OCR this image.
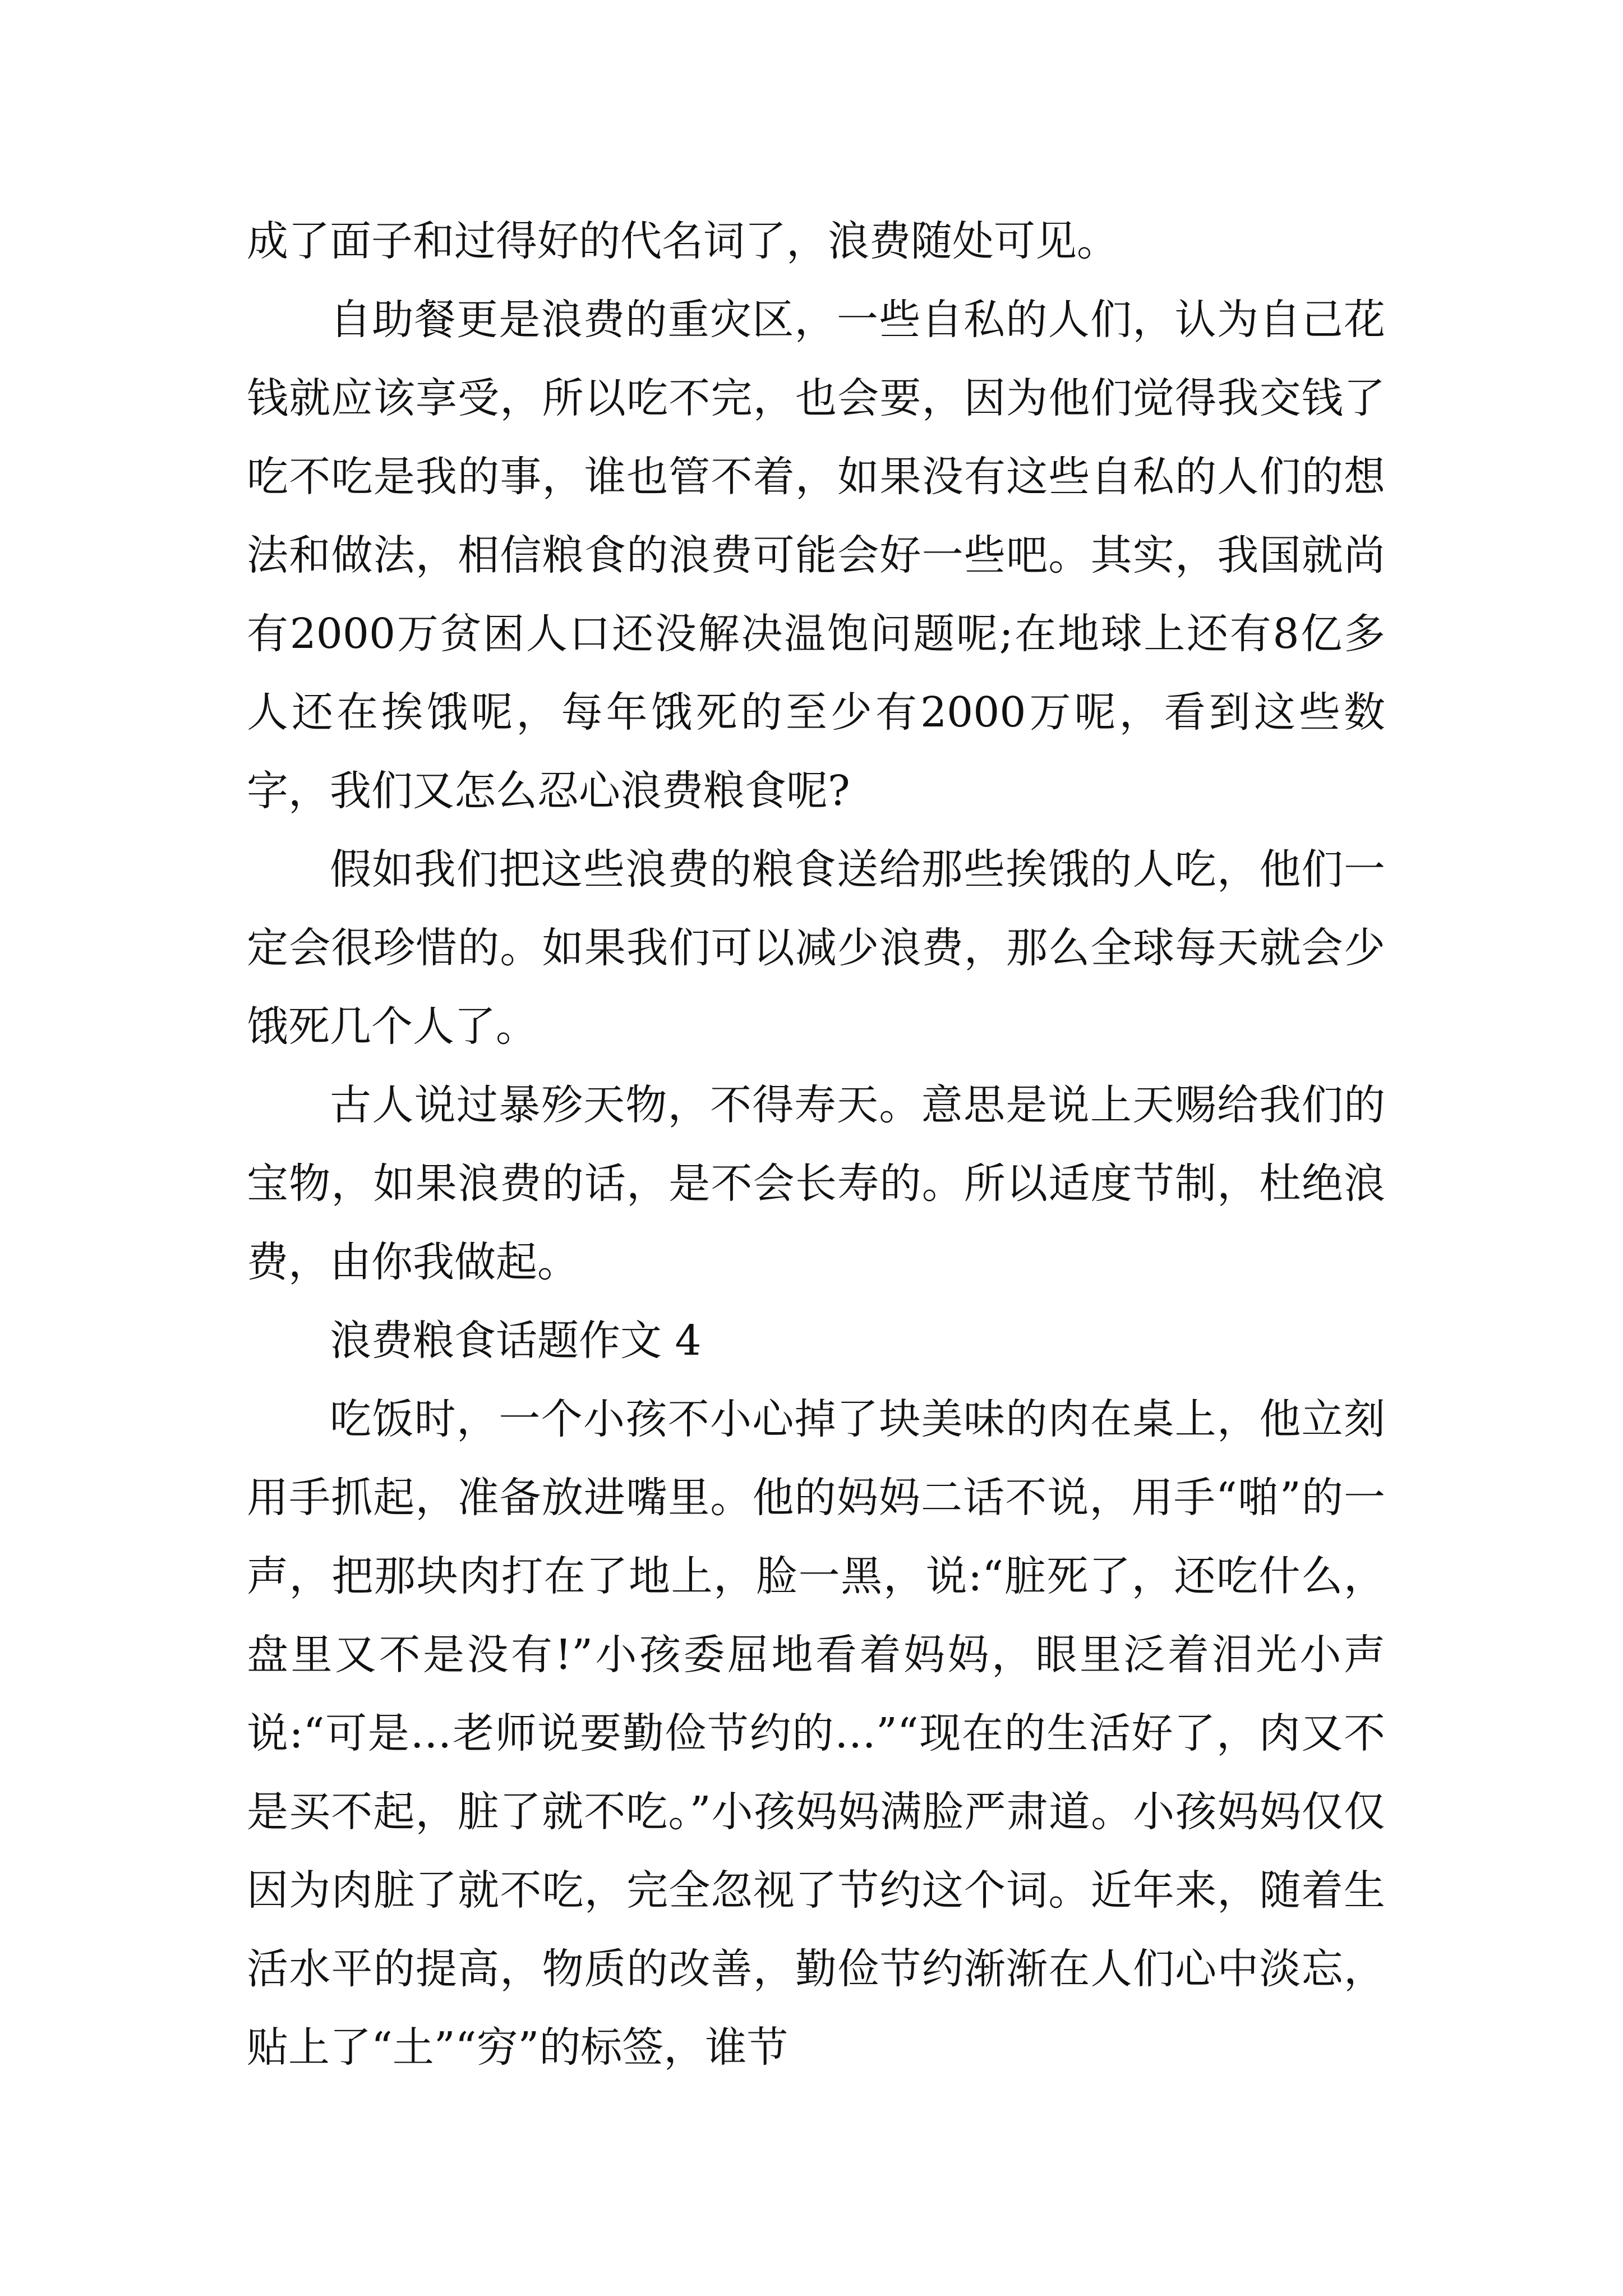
成了面子和过得好的代名词了，浪费随处可见。

自助餐更是浪费的重灾区，一些自私的人们，认为自己花钱就应该享受，所以吃不完，也会要，因为他们觉得我交钱了吃不吃是我的事，谁也管不着，如果没有这些自私的人们的想法和做法，相信粮食的浪费可能会好一些吧。其实，我国就尚有2000万贫困人口还没解决温饱问题呢;在地球上还有8亿多人还在挨饿呢，每年饿死的至少有2000万呢，看到这些数字，我们又怎么忍心浪费粮食呢?

假如我们把这些浪费的粮食送给那些挨饿的人吃，他们一定会很珍惜的。如果我们可以减少浪费，那么全球每天就会少饿死几个人了。

古人说过暴殄天物，不得寿天。意思是说上天赐给我们的宝物，如果浪费的话，是不会长寿的。所以适度节制，杜绝浪费，由你我做起。

浪费粮食话题作文 4

吃饭时，一个小孩不小心掉了块美味的肉在桌上，他立刻用手抓起，准备放进嘴里。他的妈妈二话不说，用手“啪”的一声，把那块肉打在了地上，脸一黑，说:“脏死了，还吃什么，盘里又不是没有!”小孩委屈地看着妈妈，眼里泛着泪光小声说:“可是…老师说要勤俭节约的…”“现在的生活好了，肉又不是买不起，脏了就不吃。”小孩妈妈满脸严肃道。小孩妈妈仅仅因为肉脏了就不吃，完全忽视了节约这个词。近年来，随着生活水平的提高，物质的改善，勤俭节约渐渐在人们心中淡忘，贴上了“土”“穷”的标签，谁节
